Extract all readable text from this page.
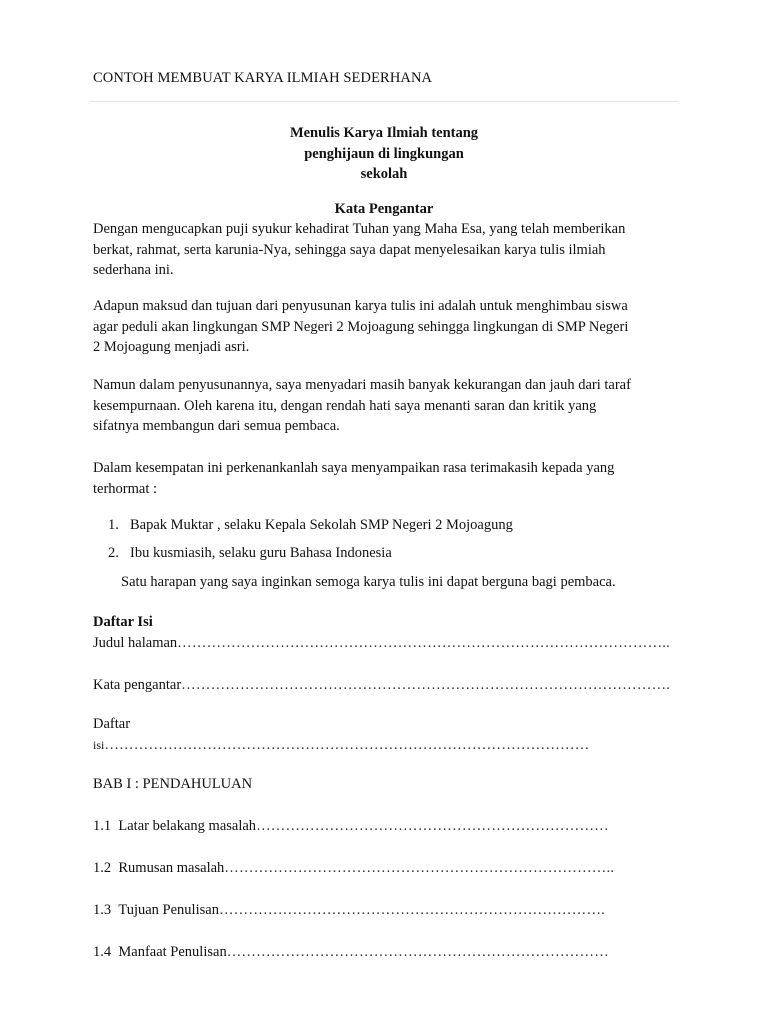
CONTOH MEMBUAT KARYA ILMIAH SEDERHANA
Menulis Karya Ilmiah tentang
penghijaun di lingkungan
sekolah
Kata Pengantar
Dengan mengucapkan puji syukur kehadirat Tuhan yang Maha Esa, yang telah memberikan
berkat, rahmat, serta karunia-Nya, sehingga saya dapat menyelesaikan karya tulis ilmiah
sederhana ini.
Adapun maksud dan tujuan dari penyusunan karya tulis ini adalah untuk menghimbau siswa
agar peduli akan lingkungan SMP Negeri 2 Mojoagung sehingga lingkungan di SMP Negeri
2 Mojoagung menjadi asri.
Namun dalam penyusunannya, saya menyadari masih banyak kekurangan dan jauh dari taraf
kesempurnaan. Oleh karena itu, dengan rendah hati saya menanti saran dan kritik yang
sifatnya membangun dari semua pembaca.
Dalam kesempatan ini perkenankanlah saya menyampaikan rasa terimakasih kepada yang
terhormat :
1. Bapak Muktar , selaku Kepala Sekolah SMP Negeri 2 Mojoagung
2. Ibu kusmiasih, selaku guru Bahasa Indonesia
Satu harapan yang saya inginkan semoga karya tulis ini dapat berguna bagi pembaca.
Daftar Isi
Judul halaman………………………………………………………………………………………..
Kata pengantar……………………………………………………………………………………….
Daftar
isi………………………………………………………………………………………
BAB I : PENDAHULUAN
1.1 Latar belakang masalah………………………………………………………………
1.2 Rumusan masalah……………………………………………………………………..
1.3 Tujuan Penulisan…………………………………………………………………….
1.4 Manfaat Penulisan……………………………………………………………………
